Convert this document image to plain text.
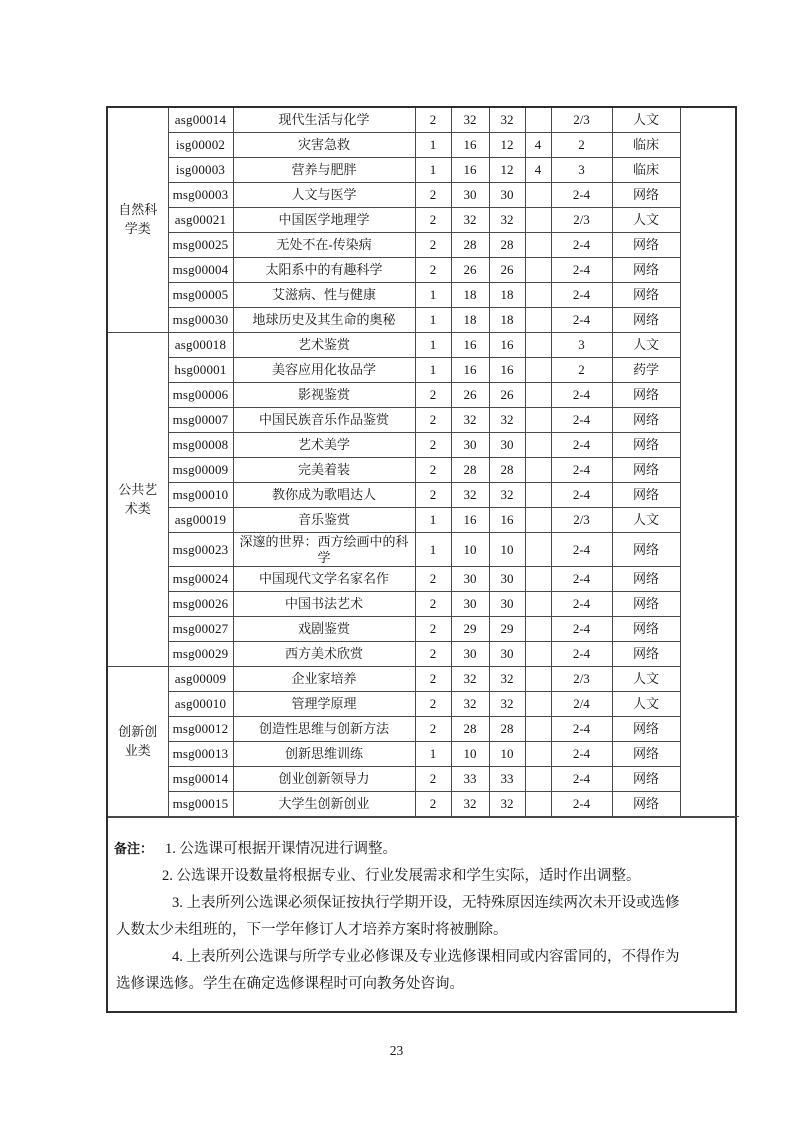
自然科学类	asg00014	现代生活与化学	2	32	32		2/3	人文	
	isg00002	灾害急救	1	16	12	4	2	临床	
	isg00003	营养与肥胖	1	16	12	4	3	临床	
	msg00003	人文与医学	2	30	30		2-4	网络	
	asg00021	中国医学地理学	2	32	32		2/3	人文	
	msg00025	无处不在-传染病	2	28	28		2-4	网络	
	msg00004	太阳系中的有趣科学	2	26	26		2-4	网络	
	msg00005	艾滋病、性与健康	1	18	18		2-4	网络	
	msg00030	地球历史及其生命的奥秘	1	18	18		2-4	网络	
公共艺术类	asg00018	艺术鉴赏	1	16	16		3	人文	
	hsg00001	美容应用化妆品学	1	16	16		2	药学	
	msg00006	影视鉴赏	2	26	26		2-4	网络	
	msg00007	中国民族音乐作品鉴赏	2	32	32		2-4	网络	
	msg00008	艺术美学	2	30	30		2-4	网络	
	msg00009	完美着装	2	28	28		2-4	网络	
	msg00010	教你成为歌唱达人	2	32	32		2-4	网络	
	asg00019	音乐鉴赏	1	16	16		2/3	人文	
	msg00023	深邃的世界：西方绘画中的科学	1	10	10		2-4	网络	
	msg00024	中国现代文学名家名作	2	30	30		2-4	网络	
	msg00026	中国书法艺术	2	30	30		2-4	网络	
	msg00027	戏剧鉴赏	2	29	29		2-4	网络	
	msg00029	西方美术欣赏	2	30	30		2-4	网络	
创新创业类	asg00009	企业家培养	2	32	32		2/3	人文	
	asg00010	管理学原理	2	32	32		2/4	人文	
	msg00012	创造性思维与创新方法	2	28	28		2-4	网络	
	msg00013	创新思维训练	1	10	10		2-4	网络	
	msg00014	创业创新领导力	2	33	33		2-4	网络	
	msg00015	大学生创新创业	2	32	32		2-4	网络	
备注： 1. 公选课可根据开课情况进行调整。
2. 公选课开设数量将根据专业、行业发展需求和学生实际，适时作出调整。
3. 上表所列公选课必须保证按执行学期开设，无特殊原因连续两次未开设或选修
人数太少未组班的，下一学年修订人才培养方案时将被删除。
4. 上表所列公选课与所学专业必修课及专业选修课相同或内容雷同的，不得作为
选修课选修。学生在确定选修课程时可向教务处咨询。
23
